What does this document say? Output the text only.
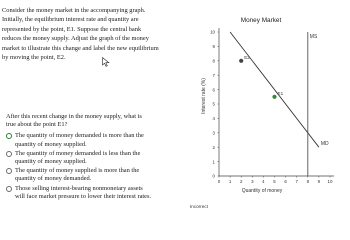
Consider the money market in the accompanying graph.
Initially, the equilibrium interest rate and quantity are
represented by the point, E1. Suppose the central bank
reduces the money supply. Adjust the graph of the money
market to illustrate this change and label the new equilibrium
by moving the point, E2.
After this recent change in the money supply, what is
true about the point E1?
The quantity of money demanded is more than the
quantity of money supplied.
The quantity of money demanded is less than the
quantity of money supplied.
The quantity of money supplied is more than the
quantity of money demanded.
Those selling interest-bearing nonmonetary assets
will face market pressure to lower their interest rates.
Incorrect
0
1
2
3
4
5
6
7
8
9
10
0 1 2 3 4 5 6 7 8 9 10
MD
MS
E1
E2
Money Market
Quantity of money
Interest rate (%)
